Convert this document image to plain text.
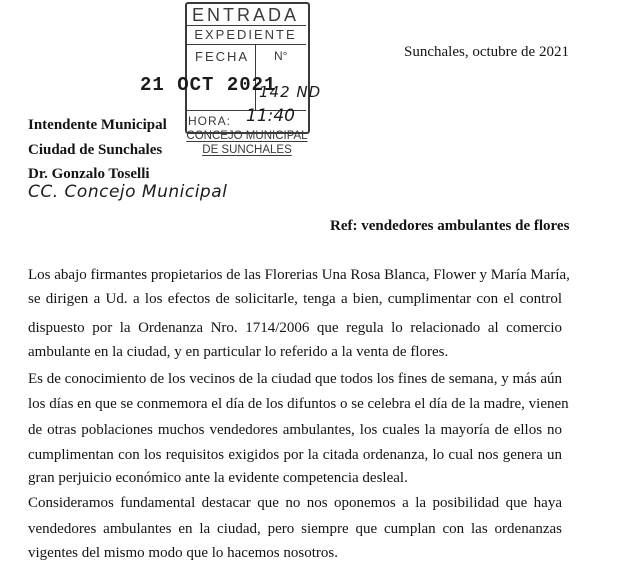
ENTRADA
EXPEDIENTE
FECHA N°
HORA:
CONCEJO MUNICIPAL
DE SUNCHALES
21 OCT 2021
142 ND
11:40
Sunchales, octubre de 2021
Intendente Municipal
Ciudad de Sunchales
Dr. Gonzalo Toselli
CC. Concejo Municipal
Ref: vendedores ambulantes de flores
Los abajo firmantes propietarios de las Florerias Una Rosa Blanca, Flower y María María,
se dirigen a Ud. a los efectos de solicitarle, tenga a bien, cumplimentar con el control
dispuesto por la Ordenanza Nro. 1714/2006 que regula lo relacionado al comercio
ambulante en la ciudad, y en particular lo referido a la venta de flores.
Es de conocimiento de los vecinos de la ciudad que todos los fines de semana, y más aún
los días en que se conmemora el día de los difuntos o se celebra el día de la madre, vienen
de otras poblaciones muchos vendedores ambulantes, los cuales la mayoría de ellos no
cumplimentan con los requisitos exigidos por la citada ordenanza, lo cual nos genera un
gran perjuicio económico ante la evidente competencia desleal.
Consideramos fundamental destacar que no nos oponemos a la posibilidad que haya
vendedores ambulantes en la ciudad, pero siempre que cumplan con las ordenanzas
vigentes del mismo modo que lo hacemos nosotros.
